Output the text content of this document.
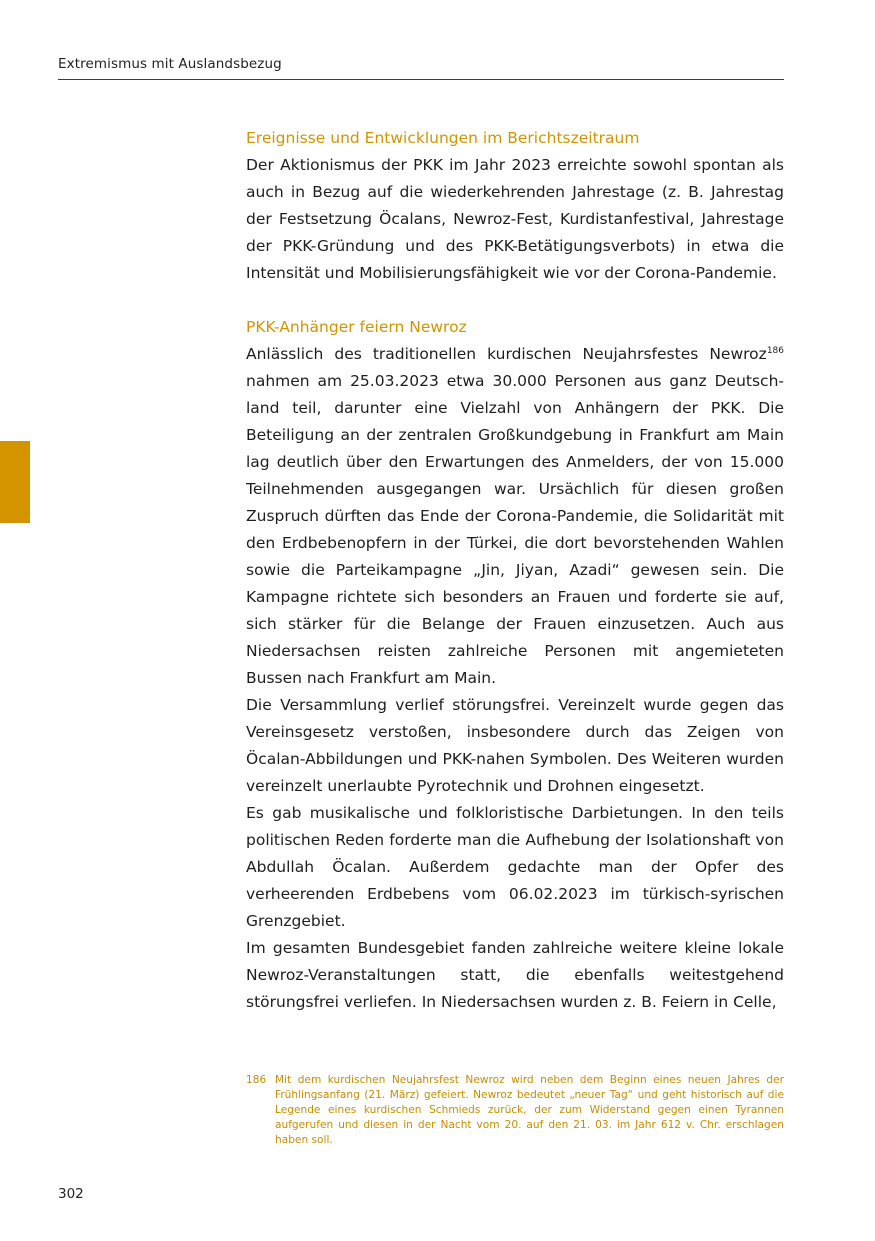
Extremismus mit Auslandsbezug
Ereignisse und Entwicklungen im Berichtszeitraum

Der Aktionismus der PKK im Jahr 2023 erreichte sowohl spontan als auch in Bezug auf die wiederkehrenden Jahrestage (z. B. Jahrestag der Festsetzung Öcalans, Newroz-Fest, Kurdistanfestival, Jahrestage der PKK-Gründung und des PKK-Betätigungsverbots) in etwa die Intensität und Mobilisierungsfähigkeit wie vor der Corona-Pandemie.

PKK-Anhänger feiern Newroz

Anlässlich des traditionellen kurdischen Neujahrsfestes Newroz$^{186}$ nahmen am 25.03.2023 etwa 30.000 Personen aus ganz Deutschland teil, darunter eine Vielzahl von Anhängern der PKK. Die Beteiligung an der zentralen Großkundgebung in Frankfurt am Main lag deutlich über den Erwartungen des Anmelders, der von 15.000 Teilnehmenden ausgegangen war. Ursächlich für diesen großen Zuspruch dürften das Ende der Corona-Pandemie, die Solidarität mit den Erdbebenopfern in der Türkei, die dort bevorstehenden Wahlen sowie die Parteikampagne „Jin, Jiyan, Azadi“ gewesen sein. Die Kampagne richtete sich besonders an Frauen und forderte sie auf, sich stärker für die Belange der Frauen einzusetzen. Auch aus Niedersachsen reisten zahlreiche Personen mit angemieteten Bussen nach Frankfurt am Main.

Die Versammlung verlief störungsfrei. Vereinzelt wurde gegen das Vereinsgesetz verstoßen, insbesondere durch das Zeigen von Öcalan-Abbildungen und PKK-nahen Symbolen. Des Weiteren wurden vereinzelt unerlaubte Pyrotechnik und Drohnen eingesetzt.

Es gab musikalische und folkloristische Darbietungen. In den teils politischen Reden forderte man die Aufhebung der Isolationshaft von Abdullah Öcalan. Außerdem gedachte man der Opfer des verheerenden Erdbebens vom 06.02.2023 im türkisch-syrischen Grenzgebiet.

Im gesamten Bundesgebiet fanden zahlreiche weitere kleine lokale Newroz-Veranstaltungen statt, die ebenfalls weitestgehend störungsfrei verliefen. In Niedersachsen wurden z. B. Feiern in Celle,

186 Mit dem kurdischen Neujahrsfest Newroz wird neben dem Beginn eines neuen Jahres der Frühlingsanfang (21. März) gefeiert. Newroz bedeutet „neuer Tag“ und geht historisch auf die Legende eines kurdischen Schmieds zurück, der zum Widerstand gegen einen Tyrannen aufgerufen und diesen in der Nacht vom 20. auf den 21. 03. im Jahr 612 v. Chr. erschlagen haben soll.
302
